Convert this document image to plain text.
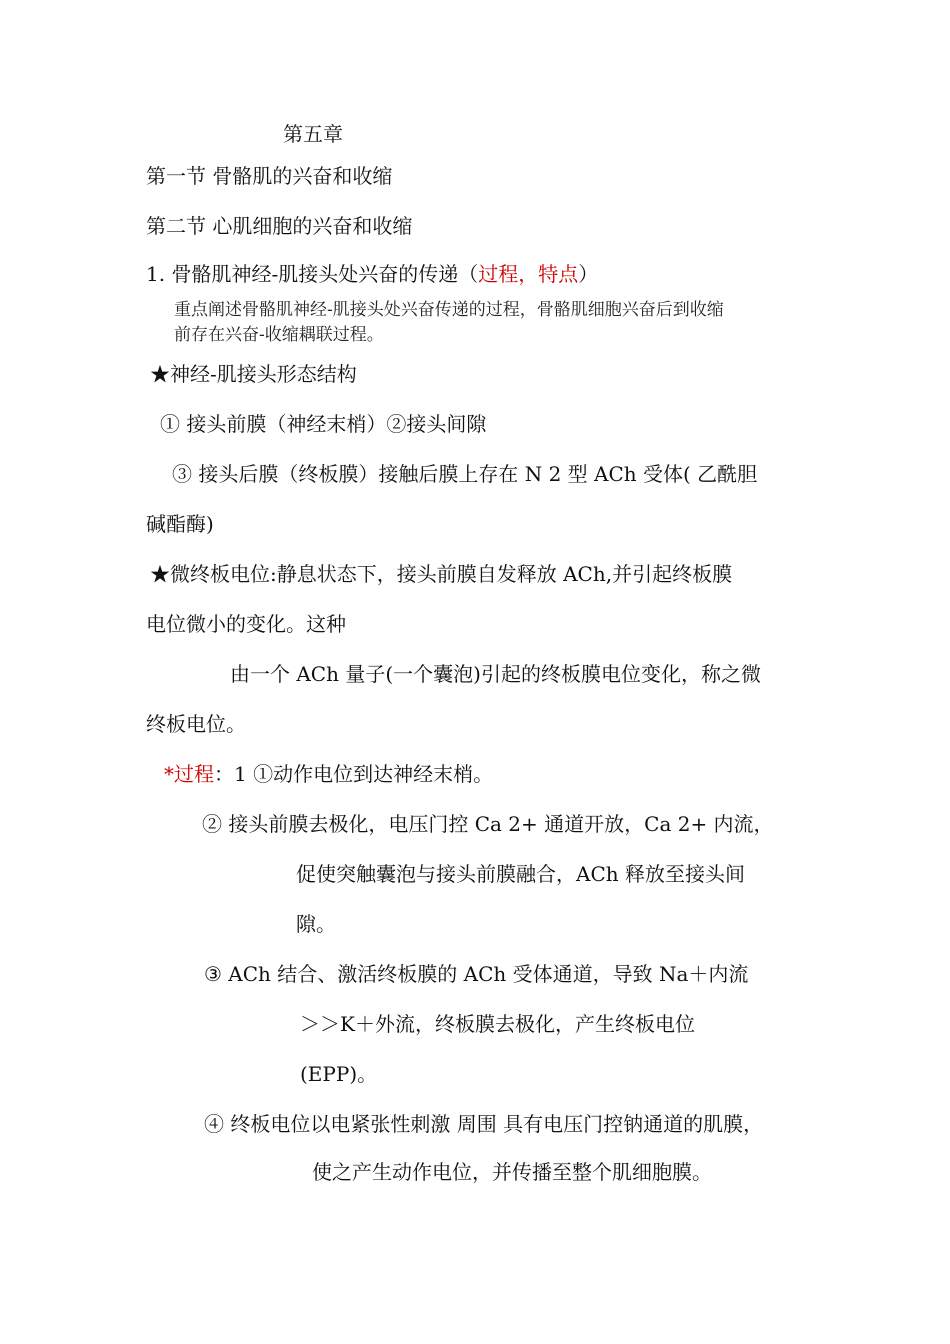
第五章
第一节 骨骼肌的兴奋和收缩
第二节 心肌细胞的兴奋和收缩
1. 骨骼肌神经-肌接头处兴奋的传递（过程，特点）
重点阐述骨骼肌神经-肌接头处兴奋传递的过程，骨骼肌细胞兴奋后到收缩
前存在兴奋-收缩耦联过程。
★神经-肌接头形态结构
① 接头前膜（神经末梢）②接头间隙
③ 接头后膜（终板膜）接触后膜上存在 N 2 型 ACh 受体( 乙酰胆
碱酯酶)
★微终板电位:静息状态下，接头前膜自发释放 ACh,并引起终板膜
电位微小的变化。这种
由一个 ACh 量子(一个囊泡)引起的终板膜电位变化，称之微
终板电位。
*过程：1 ①动作电位到达神经末梢。
② 接头前膜去极化，电压门控 Ca 2+ 通道开放，Ca 2+ 内流，
促使突触囊泡与接头前膜融合，ACh 释放至接头间
隙。
③ ACh 结合、激活终板膜的 ACh 受体通道，导致 Na＋内流
＞＞K＋外流，终板膜去极化，产生终板电位
(EPP)。
④ 终板电位以电紧张性刺激 周围 具有电压门控钠通道的肌膜，
使之产生动作电位，并传播至整个肌细胞膜。
